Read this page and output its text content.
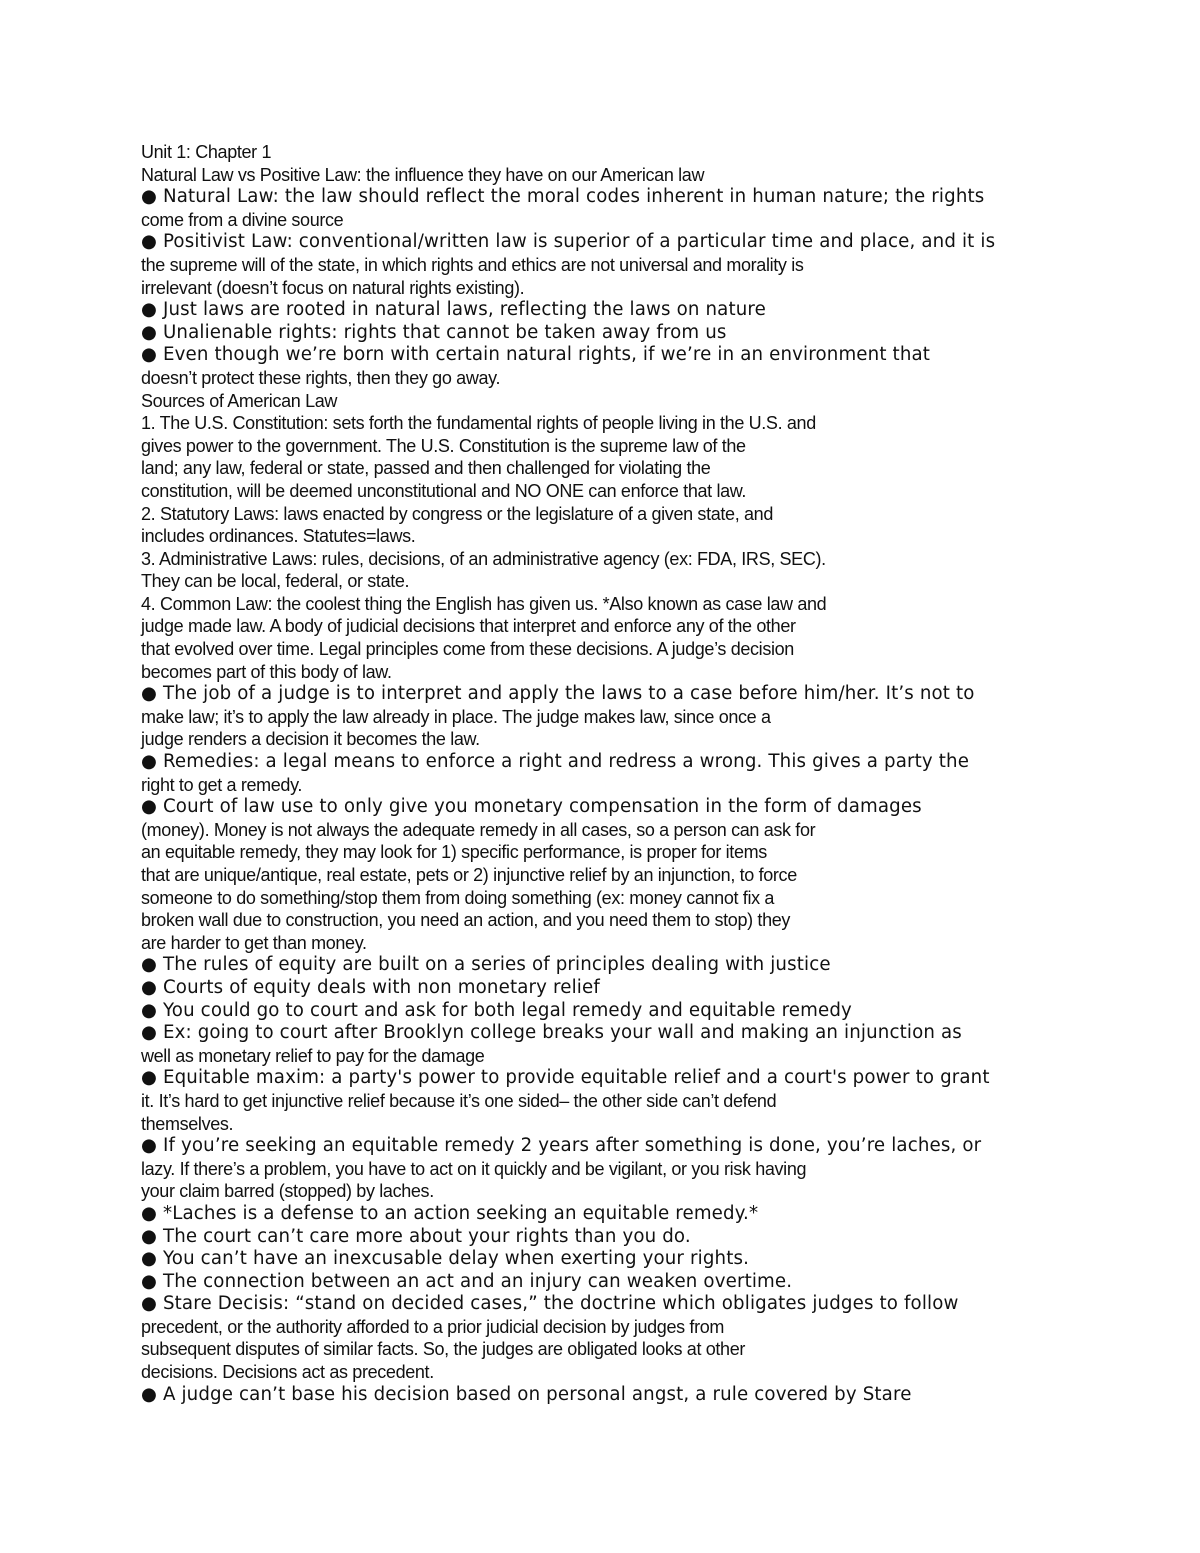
Unit 1: Chapter 1
Natural Law vs Positive Law: the influence they have on our American law
● Natural Law: the law should reflect the moral codes inherent in human nature; the rights
come from a divine source
● Positivist Law: conventional/written law is superior of a particular time and place, and it is
the supreme will of the state, in which rights and ethics are not universal and morality is
irrelevant (doesn’t focus on natural rights existing).
● Just laws are rooted in natural laws, reflecting the laws on nature
● Unalienable rights: rights that cannot be taken away from us
● Even though we’re born with certain natural rights, if we’re in an environment that
doesn’t protect these rights, then they go away.
Sources of American Law
1. The U.S. Constitution: sets forth the fundamental rights of people living in the U.S. and
gives power to the government. The U.S. Constitution is the supreme law of the
land; any law, federal or state, passed and then challenged for violating the
constitution, will be deemed unconstitutional and NO ONE can enforce that law.
2. Statutory Laws: laws enacted by congress or the legislature of a given state, and
includes ordinances. Statutes=laws.
3. Administrative Laws: rules, decisions, of an administrative agency (ex: FDA, IRS, SEC).
They can be local, federal, or state.
4. Common Law: the coolest thing the English has given us. *Also known as case law and
judge made law. A body of judicial decisions that interpret and enforce any of the other
that evolved over time. Legal principles come from these decisions. A judge’s decision
becomes part of this body of law.
● The job of a judge is to interpret and apply the laws to a case before him/her. It’s not to
make law; it’s to apply the law already in place. The judge makes law, since once a
judge renders a decision it becomes the law.
● Remedies: a legal means to enforce a right and redress a wrong. This gives a party the
right to get a remedy.
● Court of law use to only give you monetary compensation in the form of damages
(money). Money is not always the adequate remedy in all cases, so a person can ask for
an equitable remedy, they may look for 1) specific performance, is proper for items
that are unique/antique, real estate, pets or 2) injunctive relief by an injunction, to force
someone to do something/stop them from doing something (ex: money cannot fix a
broken wall due to construction, you need an action, and you need them to stop) they
are harder to get than money.
● The rules of equity are built on a series of principles dealing with justice
● Courts of equity deals with non monetary relief
● You could go to court and ask for both legal remedy and equitable remedy
● Ex: going to court after Brooklyn college breaks your wall and making an injunction as
well as monetary relief to pay for the damage
● Equitable maxim: a party's power to provide equitable relief and a court's power to grant
it. It’s hard to get injunctive relief because it’s one sided– the other side can’t defend
themselves.
● If you’re seeking an equitable remedy 2 years after something is done, you’re laches, or
lazy. If there’s a problem, you have to act on it quickly and be vigilant, or you risk having
your claim barred (stopped) by laches.
● *Laches is a defense to an action seeking an equitable remedy.*
● The court can’t care more about your rights than you do.
● You can’t have an inexcusable delay when exerting your rights.
● The connection between an act and an injury can weaken overtime.
● Stare Decisis: “stand on decided cases,” the doctrine which obligates judges to follow
precedent, or the authority afforded to a prior judicial decision by judges from
subsequent disputes of similar facts. So, the judges are obligated looks at other
decisions. Decisions act as precedent.
● A judge can’t base his decision based on personal angst, a rule covered by Stare
